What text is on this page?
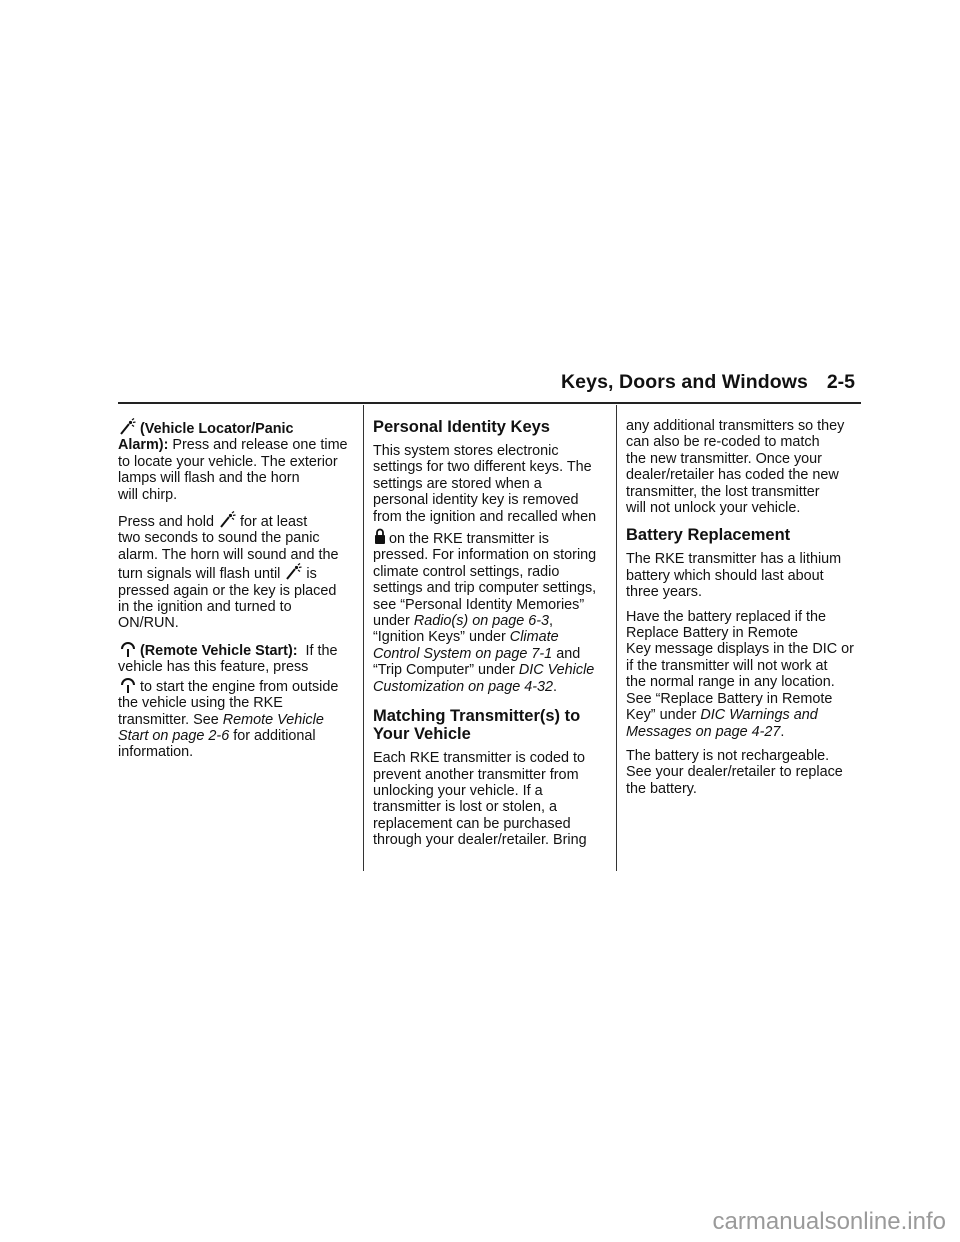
Keys, Doors and Windows 2-5

(Vehicle Locator/Panic
Alarm): Press and release one time
to locate your vehicle. The exterior
lamps will flash and the horn
will chirp.

Press and hold for at least
two seconds to sound the panic
alarm. The horn will sound and the
turn signals will flash until is
pressed again or the key is placed
in the ignition and turned to
ON/RUN.

(Remote Vehicle Start): If the
vehicle has this feature, press
to start the engine from outside
the vehicle using the RKE
transmitter. See Remote Vehicle
Start on page 2-6 for additional
information.

Personal Identity Keys

This system stores electronic
settings for two different keys. The
settings are stored when a
personal identity key is removed
from the ignition and recalled when
on the RKE transmitter is
pressed. For information on storing
climate control settings, radio
settings and trip computer settings,
see “Personal Identity Memories”
under Radio(s) on page 6-3,
“Ignition Keys” under Climate
Control System on page 7-1 and
“Trip Computer” under DIC Vehicle
Customization on page 4-32.

Matching Transmitter(s) to
Your Vehicle

Each RKE transmitter is coded to
prevent another transmitter from
unlocking your vehicle. If a
transmitter is lost or stolen, a
replacement can be purchased
through your dealer/retailer. Bring

any additional transmitters so they
can also be re-coded to match
the new transmitter. Once your
dealer/retailer has coded the new
transmitter, the lost transmitter
will not unlock your vehicle.

Battery Replacement

The RKE transmitter has a lithium
battery which should last about
three years.

Have the battery replaced if the
Replace Battery in Remote
Key message displays in the DIC or
if the transmitter will not work at
the normal range in any location.
See “Replace Battery in Remote
Key” under DIC Warnings and
Messages on page 4-27.

The battery is not rechargeable.
See your dealer/retailer to replace
the battery.

carmanualsonline.info
